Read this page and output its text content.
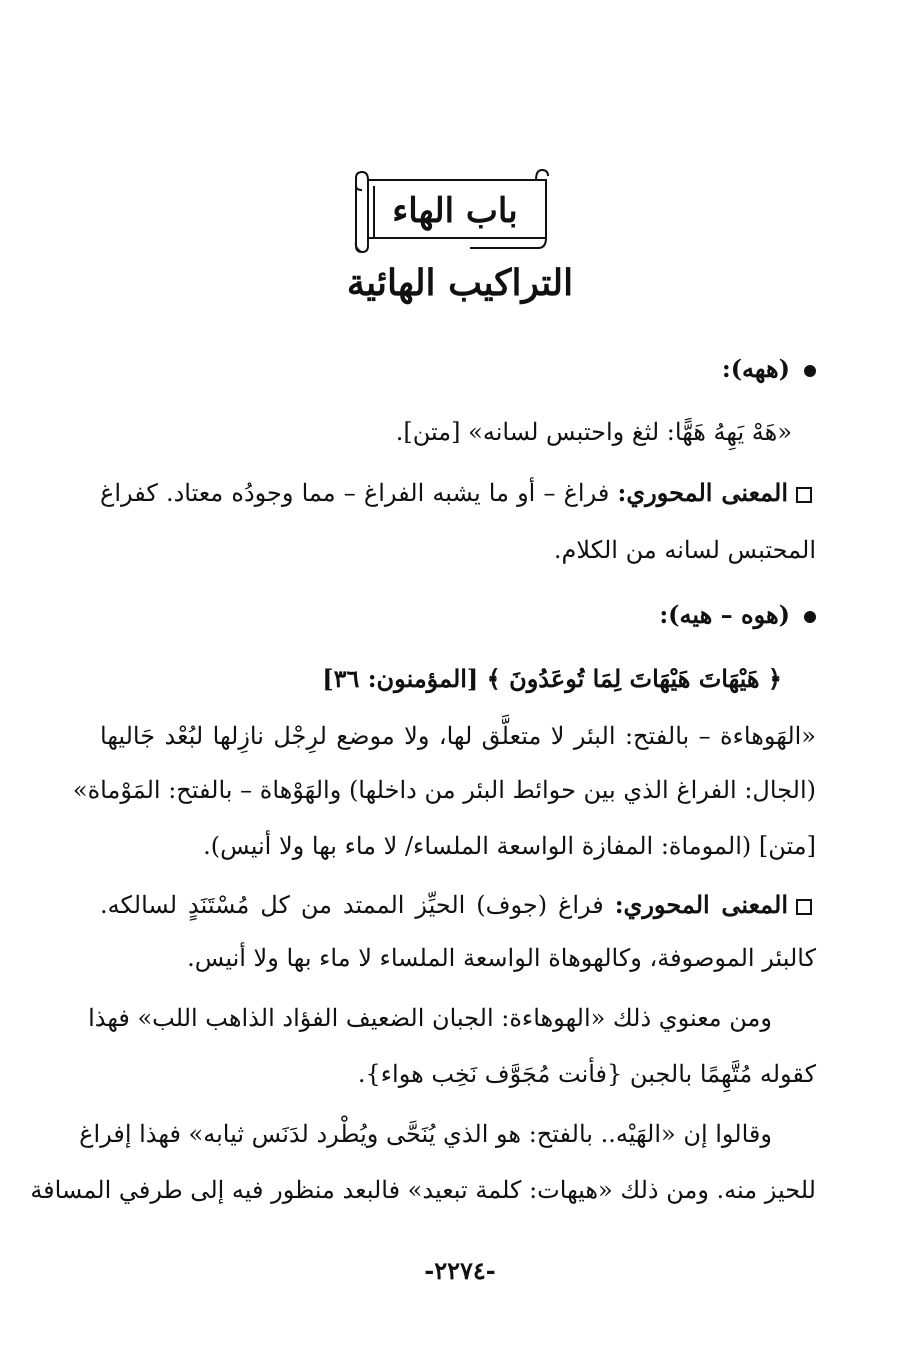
باب الهاء
التراكيب الهائية
(ههه):
«هَهْ يَهِهُ هَهًّا: لثغ واحتبس لسانه» [متن].
المعنى المحوري: فراغ – أو ما يشبه الفراغ – مما وجودُه معتاد. كفراغ
المحتبس لسانه من الكلام.
(هوه – هيه):
﴿ هَيْهَاتَ هَيْهَاتَ لِمَا تُوعَدُونَ ﴾ [المؤمنون: ٣٦]
«الهَوهاءة – بالفتح: البئر لا متعلَّق لها، ولا موضع لرِجْل نازِلها لبُعْد جَاليها
(الجال: الفراغ الذي بين حوائط البئر من داخلها) والهَوْهاة – بالفتح: المَوْماة»
[متن] (الموماة: المفازة الواسعة الملساء/ لا ماء بها ولا أنيس).
المعنى المحوري: فراغ (جوف) الحيِّز الممتد من كل مُسْتَنَدٍ لسالكه.
كالبئر الموصوفة، وكالهوهاة الواسعة الملساء لا ماء بها ولا أنيس.
ومن معنوي ذلك «الهوهاءة: الجبان الضعيف الفؤاد الذاهب اللب» فهذا
كقوله مُتَّهِمًا بالجبن {فأنت مُجَوَّف نَخِب هواء}.
وقالوا إن «الهَيْه.. بالفتح: هو الذي يُنَحَّى ويُطْرد لدَنَس ثيابه» فهذا إفراغ
للحيز منه. ومن ذلك «هيهات: كلمة تبعيد» فالبعد منظور فيه إلى طرفي المسافة
-٢٢٧٤-
